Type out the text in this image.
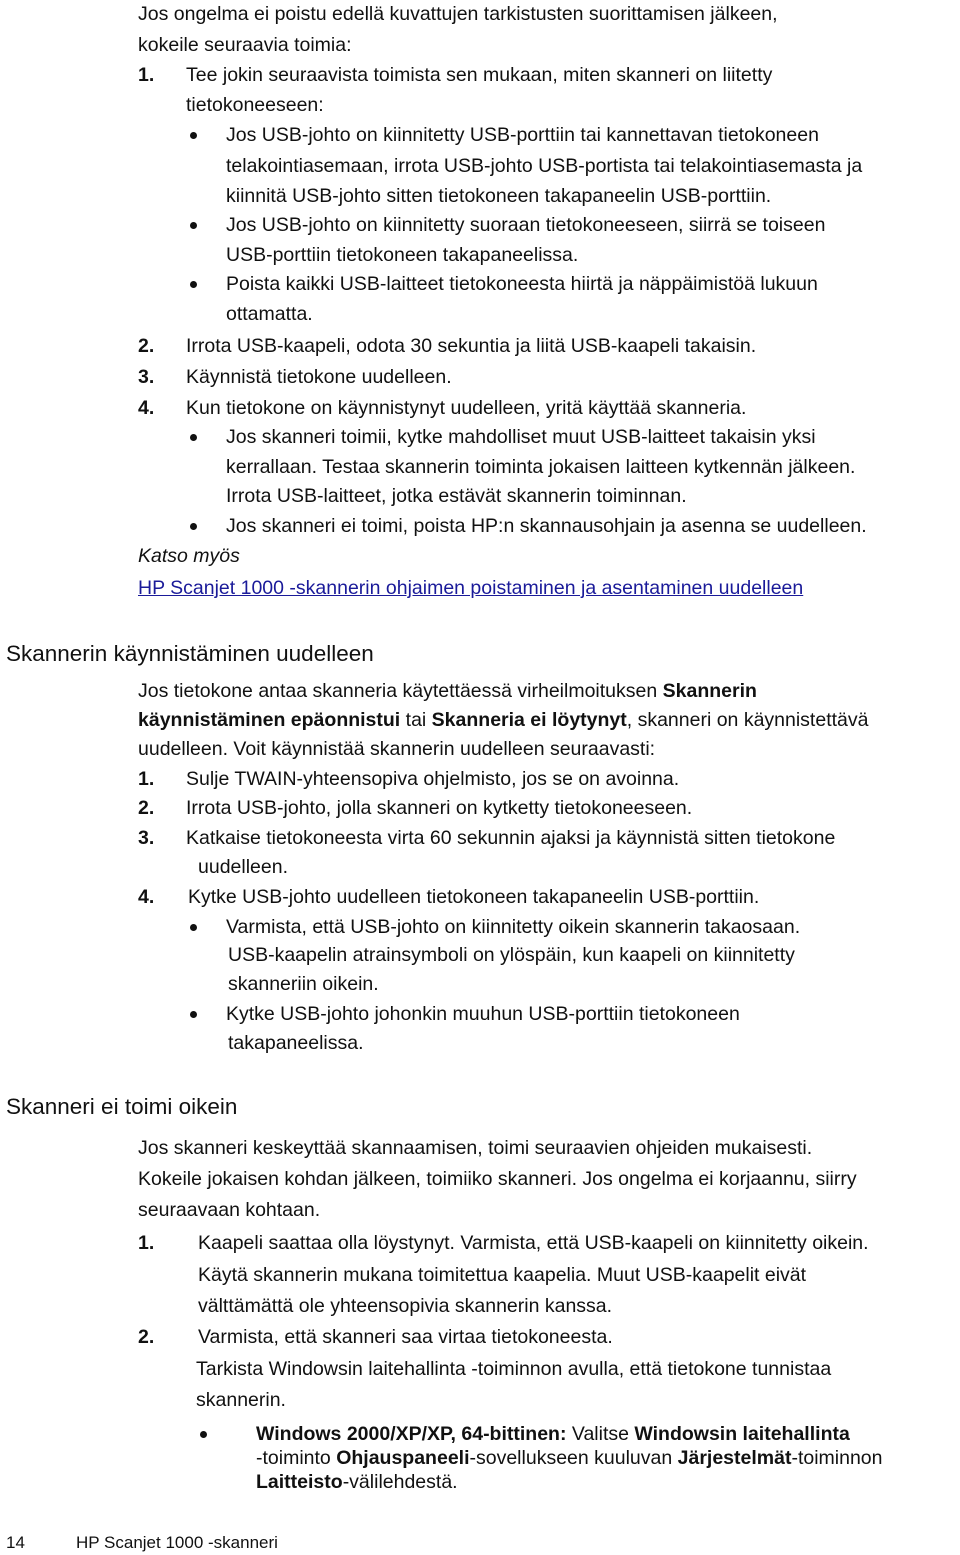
Jos ongelma ei poistu edellä kuvattujen tarkistusten suorittamisen jälkeen,
kokeile seuraavia toimia:
1. Tee jokin seuraavista toimista sen mukaan, miten skanneri on liitetty
tietokoneeseen:
Jos USB-johto on kiinnitetty USB-porttiin tai kannettavan tietokoneen
telakointiasemaan, irrota USB-johto USB-portista tai telakointiasemasta ja
kiinnitä USB-johto sitten tietokoneen takapaneelin USB-porttiin.
Jos USB-johto on kiinnitetty suoraan tietokoneeseen, siirrä se toiseen
USB-porttiin tietokoneen takapaneelissa.
Poista kaikki USB-laitteet tietokoneesta hiirtä ja näppäimistöä lukuun
ottamatta.
2. Irrota USB-kaapeli, odota 30 sekuntia ja liitä USB-kaapeli takaisin.
3. Käynnistä tietokone uudelleen.
4. Kun tietokone on käynnistynyt uudelleen, yritä käyttää skanneria.
Jos skanneri toimii, kytke mahdolliset muut USB-laitteet takaisin yksi
kerrallaan. Testaa skannerin toiminta jokaisen laitteen kytkennän jälkeen.
Irrota USB-laitteet, jotka estävät skannerin toiminnan.
Jos skanneri ei toimi, poista HP:n skannausohjain ja asenna se uudelleen.
Katso myös
HP Scanjet 1000 -skannerin ohjaimen poistaminen ja asentaminen uudelleen
Skannerin käynnistäminen uudelleen
Jos tietokone antaa skanneria käytettäessä virheilmoituksen Skannerin
käynnistäminen epäonnistui tai Skanneria ei löytynyt, skanneri on käynnistettävä
uudelleen. Voit käynnistää skannerin uudelleen seuraavasti:
1. Sulje TWAIN-yhteensopiva ohjelmisto, jos se on avoinna.
2. Irrota USB-johto, jolla skanneri on kytketty tietokoneeseen.
3. Katkaise tietokoneesta virta 60 sekunnin ajaksi ja käynnistä sitten tietokone
uudelleen.
4. Kytke USB-johto uudelleen tietokoneen takapaneelin USB-porttiin.
Varmista, että USB-johto on kiinnitetty oikein skannerin takaosaan.
USB-kaapelin atrainsymboli on ylöspäin, kun kaapeli on kiinnitetty
skanneriin oikein.
Kytke USB-johto johonkin muuhun USB-porttiin tietokoneen
takapaneelissa.
Skanneri ei toimi oikein
Jos skanneri keskeyttää skannaamisen, toimi seuraavien ohjeiden mukaisesti.
Kokeile jokaisen kohdan jälkeen, toimiiko skanneri. Jos ongelma ei korjaannu, siirry
seuraavaan kohtaan.
1. Kaapeli saattaa olla löystynyt. Varmista, että USB-kaapeli on kiinnitetty oikein.
Käytä skannerin mukana toimitettua kaapelia. Muut USB-kaapelit eivät
välttämättä ole yhteensopivia skannerin kanssa.
2. Varmista, että skanneri saa virtaa tietokoneesta.
Tarkista Windowsin laitehallinta -toiminnon avulla, että tietokone tunnistaa
skannerin.
Windows 2000/XP/XP, 64-bittinen: Valitse Windowsin laitehallinta
-toiminto Ohjauspaneeli-sovellukseen kuuluvan Järjestelmät-toiminnon
Laitteisto-välilehdestä.
14	HP Scanjet 1000 -skanneri
